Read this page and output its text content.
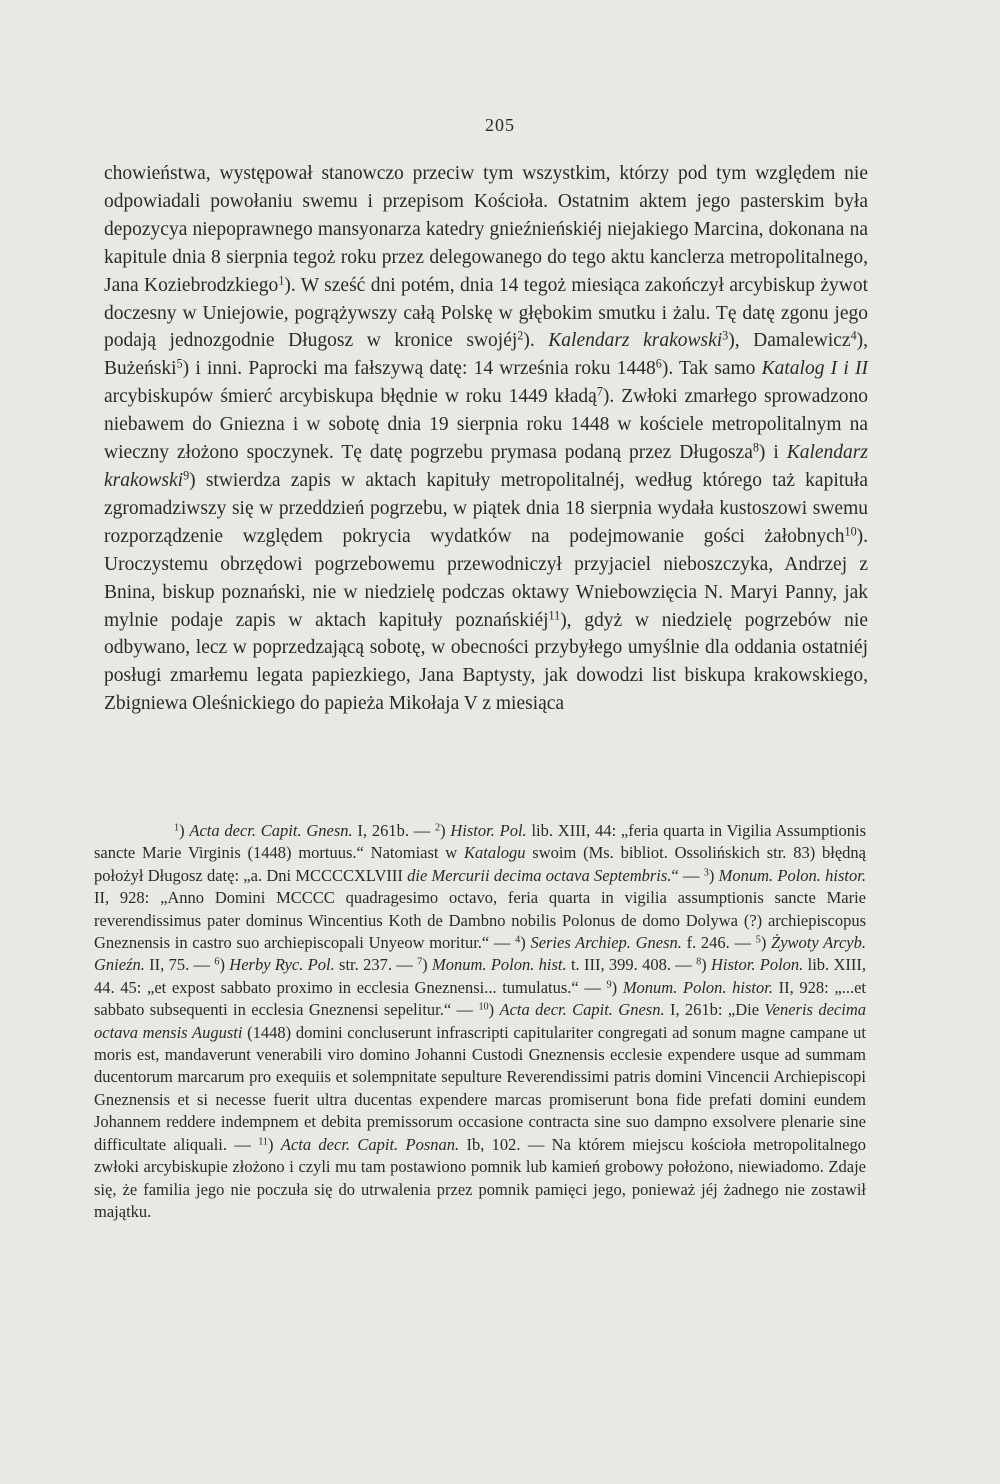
205

chowieństwa, występował stanowczo przeciw tym wszystkim, którzy pod tym względem nie odpowiadali powołaniu swemu i przepisom Kościoła. Ostatnim aktem jego pasterskim była depozycya niepoprawnego mansyonarza katedry gnieźnieńskiéj niejakiego Marcina, dokonana na kapitule dnia 8 sierpnia tegoż roku przez delegowanego do tego aktu kanclerza metropolitalnego, Jana Koziebrodzkiego$^1$). W sześć dni potém, dnia 14 tegoż miesiąca zakończył arcybiskup żywot doczesny w Uniejowie, pogrążywszy całą Polskę w głębokim smutku i żalu. Tę datę zgonu jego podają jednozgodnie Długosz w kronice swojéj$^2$). Kalendarz krakowski$^3$), Damalewicz$^4$), Bużeński$^5$) i inni. Paprocki ma fałszywą datę: 14 września roku 1448$^6$). Tak samo Katalog I i II arcybiskupów śmierć arcybiskupa błędnie w roku 1449 kładą$^7$). Zwłoki zmarłego sprowadzono niebawem do Gniezna i w sobotę dnia 19 sierpnia roku 1448 w kościele metropolitalnym na wieczny złożono spoczynek. Tę datę pogrzebu prymasa podaną przez Długosza$^8$) i Kalendarz krakowski$^9$) stwierdza zapis w aktach kapituły metropolitalnéj, według którego taż kapituła zgromadziwszy się w przeddzień pogrzebu, w piątek dnia 18 sierpnia wydała kustoszowi swemu rozporządzenie względem pokrycia wydatków na podejmowanie gości żałobnych$^{10}$). Uroczystemu obrzędowi pogrzebowemu przewodniczył przyjaciel nieboszczyka, Andrzej z Bnina, biskup poznański, nie w niedzielę podczas oktawy Wniebowzięcia N. Maryi Panny, jak mylnie podaje zapis w aktach kapituły poznańskiéj$^{11}$), gdyż w niedzielę pogrzebów nie odbywano, lecz w poprzedzającą sobotę, w obecności przybyłego umyślnie dla oddania ostatniéj posługi zmarłemu legata papiezkiego, Jana Baptysty, jak dowodzi list biskupa krakowskiego, Zbigniewa Oleśnickiego do papieża Mikołaja V z miesiąca

$^1$) Acta decr. Capit. Gnesn. I, 261b. — $^2$) Histor. Pol. lib. XIII, 44: „feria quarta in Vigilia Assumptionis sancte Marie Virginis (1448) mortuus.“ Natomiast w Katalogu swoim (Ms. bibliot. Ossolińskich str. 83) błędną położył Długosz datę: „a. Dni MCCCCXLVIII die Mercurii decima octava Septembris.“ — $^3$) Monum. Polon. histor. II, 928: „Anno Domini MCCCC quadragesimo octavo, feria quarta in vigilia assumptionis sancte Marie reverendissimus pater dominus Wincentius Koth de Dambno nobilis Polonus de domo Dolywa (?) archiepiscopus Gneznensis in castro suo archiepiscopali Unyeow moritur.“ — $^4$) Series Archiep. Gnesn. f. 246. — $^5$) Żywoty Arcyb. Gnieźn. II, 75. — $^6$) Herby Ryc. Pol. str. 237. — $^7$) Monum. Polon. hist. t. III, 399. 408. — $^8$) Histor. Polon. lib. XIII, 44. 45: „et expost sabbato proximo in ecclesia Gneznensi... tumulatus.“ — $^9$) Monum. Polon. histor. II, 928: „...et sabbato subsequenti in ecclesia Gneznensi sepelitur.“ — $^{10}$) Acta decr. Capit. Gnesn. I, 261b: „Die Veneris decima octava mensis Augusti (1448) domini concluserunt infrascripti capitulariter congregati ad sonum magne campane ut moris est, mandaverunt venerabili viro domino Johanni Custodi Gneznensis ecclesie expendere usque ad summam ducentorum marcarum pro exequiis et solempnitate sepulture Reverendissimi patris domini Vincencii Archiepiscopi Gneznensis et si necesse fuerit ultra ducentas expendere marcas promiserunt bona fide prefati domini eundem Johannem reddere indempnem et debita premissorum occasione contracta sine suo dampno exsolvere plenarie sine difficultate aliquali. — $^{11}$) Acta decr. Capit. Posnan. Ib, 102. — Na którem miejscu kościoła metropolitalnego zwłoki arcybiskupie złożono i czyli mu tam postawiono pomnik lub kamień grobowy położono, niewiadomo. Zdaje się, że familia jego nie poczuła się do utrwalenia przez pomnik pamięci jego, ponieważ jéj żadnego nie zostawił majątku.
